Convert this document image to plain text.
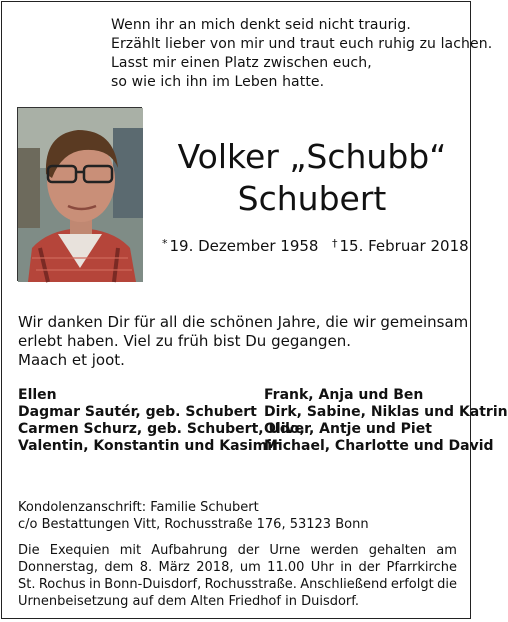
Wenn ihr an mich denkt seid nicht traurig.
Erzählt lieber von mir und traut euch ruhig zu lachen.
Lasst mir einen Platz zwischen euch,
so wie ich ihn im Leben hatte.
Volker „Schubb“
Schubert
* 19. Dezember 1958 † 15. Februar 2018
Wir danken Dir für all die schönen Jahre, die wir gemeinsam
erlebt haben. Viel zu früh bist Du gegangen.
Maach et joot.
Ellen
Dagmar Sautér, geb. Schubert
Carmen Schurz, geb. Schubert, Udo,
Valentin, Konstantin und Kasimir
Frank, Anja und Ben
Dirk, Sabine, Niklas und Katrin
Oliver, Antje und Piet
Michael, Charlotte und David
Kondolenzanschrift: Familie Schubert
c/o Bestattungen Vitt, Rochusstraße 176, 53123 Bonn
Die Exequien mit Aufbahrung der Urne werden gehalten am
Donnerstag, dem 8. März 2018, um 11.00 Uhr in der Pfarrkirche
St. Rochus in Bonn-Duisdorf, Rochusstraße. Anschließend erfolgt die
Urnenbeisetzung auf dem Alten Friedhof in Duisdorf.
